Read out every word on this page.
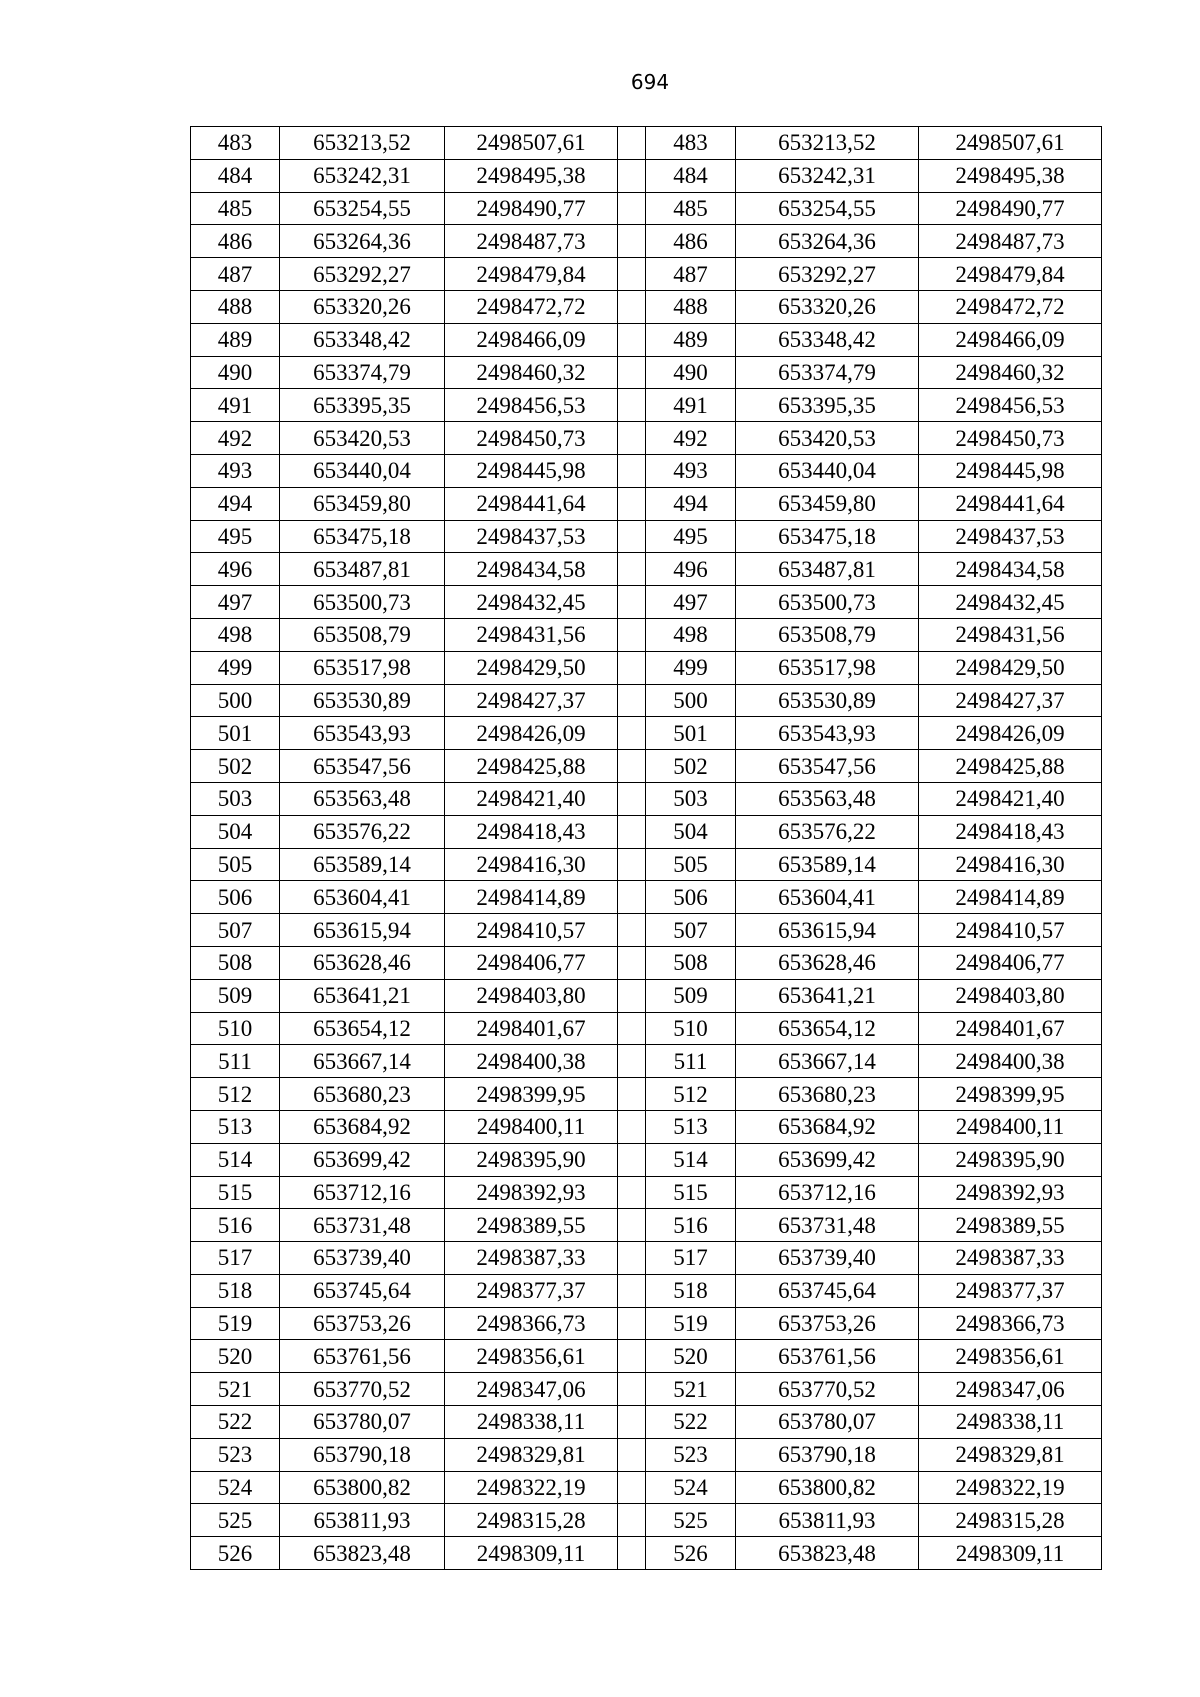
694
483	653213,52	2498507,61		483	653213,52	2498507,61
484	653242,31	2498495,38		484	653242,31	2498495,38
485	653254,55	2498490,77		485	653254,55	2498490,77
486	653264,36	2498487,73		486	653264,36	2498487,73
487	653292,27	2498479,84		487	653292,27	2498479,84
488	653320,26	2498472,72		488	653320,26	2498472,72
489	653348,42	2498466,09		489	653348,42	2498466,09
490	653374,79	2498460,32		490	653374,79	2498460,32
491	653395,35	2498456,53		491	653395,35	2498456,53
492	653420,53	2498450,73		492	653420,53	2498450,73
493	653440,04	2498445,98		493	653440,04	2498445,98
494	653459,80	2498441,64		494	653459,80	2498441,64
495	653475,18	2498437,53		495	653475,18	2498437,53
496	653487,81	2498434,58		496	653487,81	2498434,58
497	653500,73	2498432,45		497	653500,73	2498432,45
498	653508,79	2498431,56		498	653508,79	2498431,56
499	653517,98	2498429,50		499	653517,98	2498429,50
500	653530,89	2498427,37		500	653530,89	2498427,37
501	653543,93	2498426,09		501	653543,93	2498426,09
502	653547,56	2498425,88		502	653547,56	2498425,88
503	653563,48	2498421,40		503	653563,48	2498421,40
504	653576,22	2498418,43		504	653576,22	2498418,43
505	653589,14	2498416,30		505	653589,14	2498416,30
506	653604,41	2498414,89		506	653604,41	2498414,89
507	653615,94	2498410,57		507	653615,94	2498410,57
508	653628,46	2498406,77		508	653628,46	2498406,77
509	653641,21	2498403,80		509	653641,21	2498403,80
510	653654,12	2498401,67		510	653654,12	2498401,67
511	653667,14	2498400,38		511	653667,14	2498400,38
512	653680,23	2498399,95		512	653680,23	2498399,95
513	653684,92	2498400,11		513	653684,92	2498400,11
514	653699,42	2498395,90		514	653699,42	2498395,90
515	653712,16	2498392,93		515	653712,16	2498392,93
516	653731,48	2498389,55		516	653731,48	2498389,55
517	653739,40	2498387,33		517	653739,40	2498387,33
518	653745,64	2498377,37		518	653745,64	2498377,37
519	653753,26	2498366,73		519	653753,26	2498366,73
520	653761,56	2498356,61		520	653761,56	2498356,61
521	653770,52	2498347,06		521	653770,52	2498347,06
522	653780,07	2498338,11		522	653780,07	2498338,11
523	653790,18	2498329,81		523	653790,18	2498329,81
524	653800,82	2498322,19		524	653800,82	2498322,19
525	653811,93	2498315,28		525	653811,93	2498315,28
526	653823,48	2498309,11		526	653823,48	2498309,11
